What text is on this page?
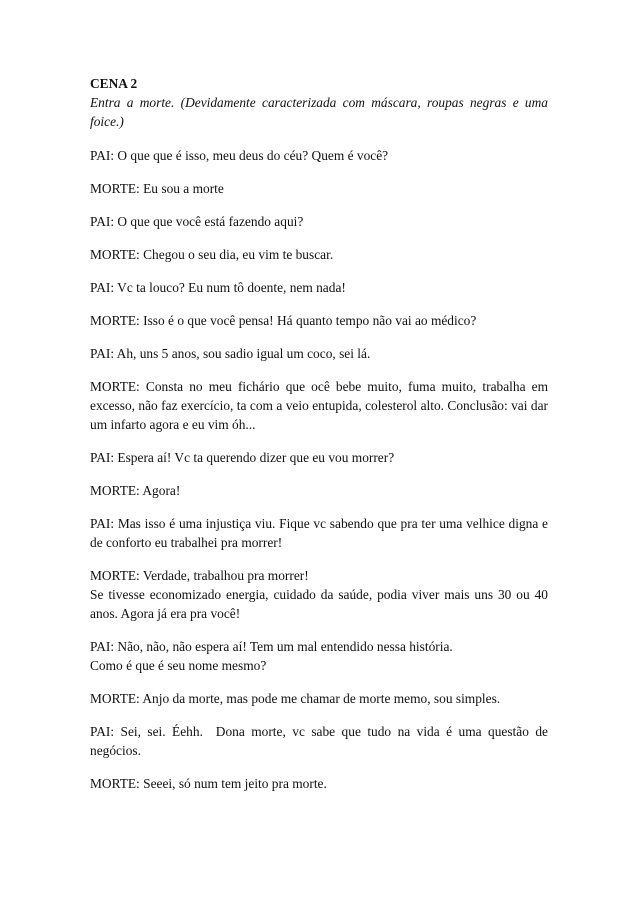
CENA 2

Entra a morte. (Devidamente caracterizada com máscara, roupas negras e uma foice.)

PAI: O que que é isso, meu deus do céu? Quem é você?

MORTE: Eu sou a morte

PAI: O que que você está fazendo aqui?

MORTE: Chegou o seu dia, eu vim te buscar.

PAI: Vc ta louco? Eu num tô doente, nem nada!

MORTE: Isso é o que você pensa! Há quanto tempo não vai ao médico?

PAI: Ah, uns 5 anos, sou sadio igual um coco, sei lá.

MORTE: Consta no meu fichário que ocê bebe muito, fuma muito, trabalha em excesso, não faz exercício, ta com a veio entupida, colesterol alto. Conclusão: vai dar um infarto agora e eu vim óh...

PAI: Espera aí! Vc ta querendo dizer que eu vou morrer?

MORTE: Agora!

PAI: Mas isso é uma injustiça viu. Fique vc sabendo que pra ter uma velhice digna e de conforto eu trabalhei pra morrer!

MORTE: Verdade, trabalhou pra morrer!
Se tivesse economizado energia, cuidado da saúde, podia viver mais uns 30 ou 40 anos. Agora já era pra você!
PAI: Não, não, não espera aí! Tem um mal entendido nessa história.
Como é que é seu nome mesmo?

MORTE: Anjo da morte, mas pode me chamar de morte memo, sou simples.

PAI: Sei, sei. Éehh.  Dona morte, vc sabe que tudo na vida é uma questão de negócios.

MORTE: Seeei, só num tem jeito pra morte.
